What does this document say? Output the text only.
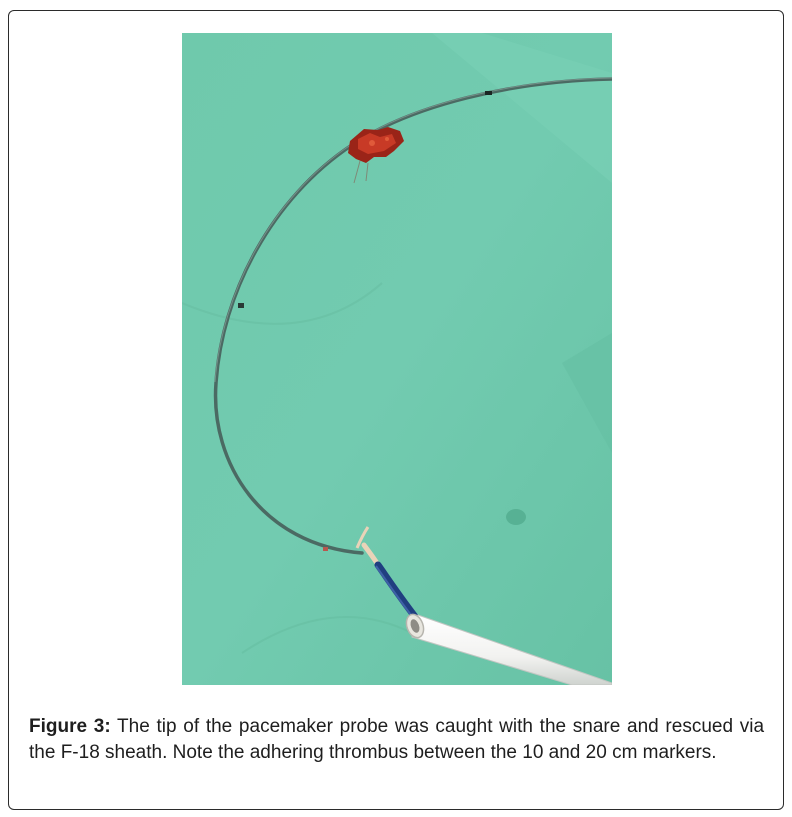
Figure 3: The tip of the pacemaker probe was caught with the snare and rescued via the F-18 sheath. Note the adhering thrombus between the 10 and 20 cm markers.
